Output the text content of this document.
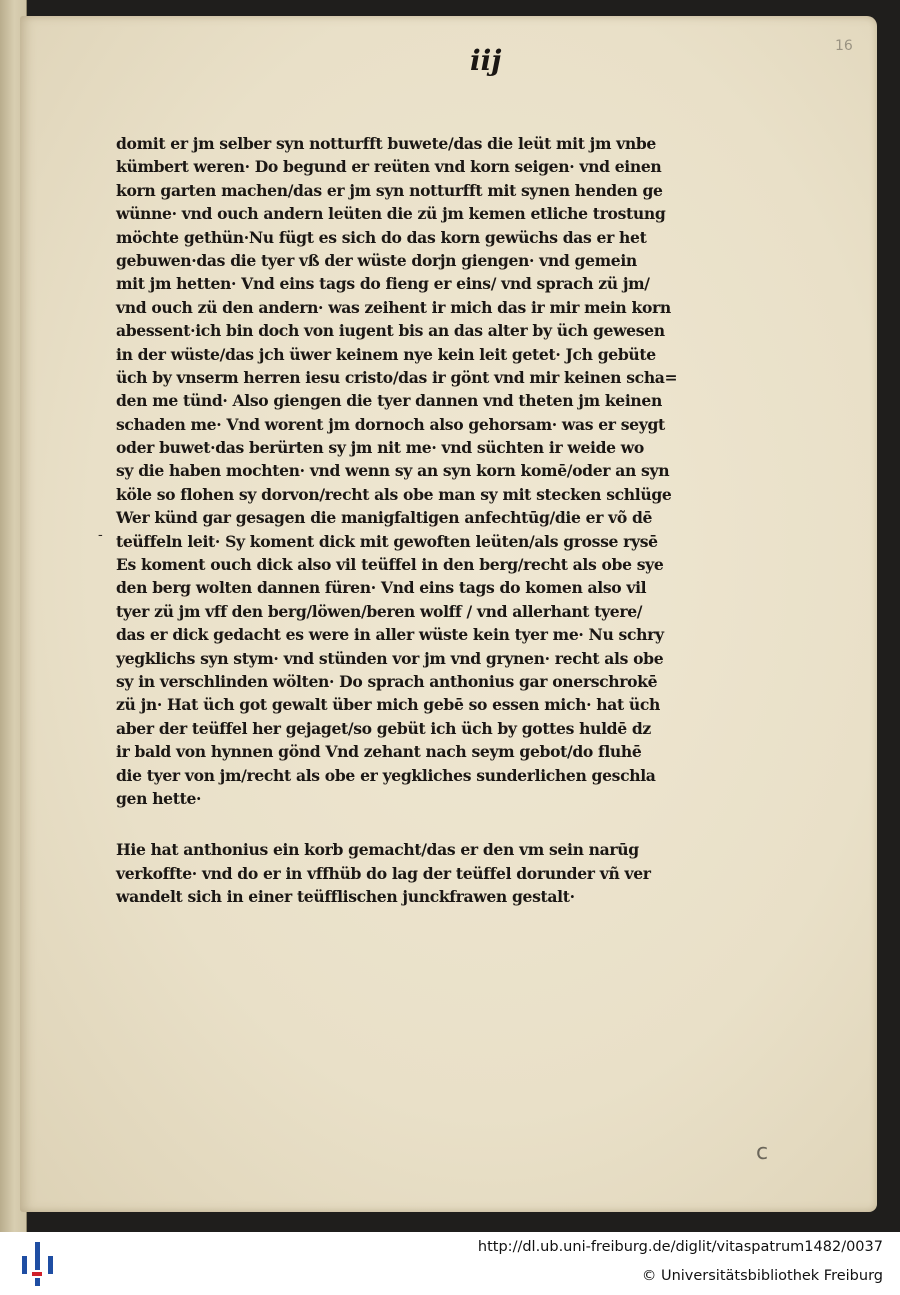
iij	16
-
domit er jm selber syn notturfft buwete/das die leüt mit jm vnbe
kümbert weren· Do begund er reüten vnd korn seigen· vnd einen
korn garten machen/das er jm syn notturfft mit synen henden ge
wünne· vnd ouch andern leüten die zü jm kemen etliche trostung
möchte gethün·Nu fügt es sich do das korn gewüchs das er het
gebuwen·das die tyer vß der wüste dorjn giengen· vnd gemein
mit jm hetten· Vnd eins tags do fieng er eins/ vnd sprach zü jm/
vnd ouch zü den andern· was zeihent ir mich das ir mir mein korn
abessent·ich bin doch von iugent bis an das alter by üch gewesen
in der wüste/das jch üwer keinem nye kein leit getet· Jch gebüte
üch by vnserm herren iesu cristo/das ir gönt vnd mir keinen scha=
den me tünd· Also giengen die tyer dannen vnd theten jm keinen
schaden me· Vnd worent jm dornoch also gehorsam· was er seygt
oder buwet·das berürten sy jm nit me· vnd süchten ir weide wo
sy die haben mochten· vnd wenn sy an syn korn komē/oder an syn
köle so flohen sy dorvon/recht als obe man sy mit stecken schlüge
Wer künd gar gesagen die manigfaltigen anfechtūg/die er võ dē
teüffeln leit· Sy koment dick mit gewoften leüten/als grosse rysē
Es koment ouch dick also vil teüffel in den berg/recht als obe sye
den berg wolten dannen füren· Vnd eins tags do komen also vil
tyer zü jm vff den berg/löwen/beren wolff / vnd allerhant tyere/
das er dick gedacht es were in aller wüste kein tyer me· Nu schry
yegklichs syn stym· vnd stünden vor jm vnd grynen· recht als obe
sy in verschlinden wölten· Do sprach anthonius gar onerschrokē
zü jn· Hat üch got gewalt über mich gebē so essen mich· hat üch
aber der teüffel her gejaget/so gebüt ich üch by gottes huldē dz
ir bald von hynnen gönd Vnd zehant nach seym gebot/do fluhē
die tyer von jm/recht als obe er yegkliches sunderlichen geschla
gen hette·
Hie hat anthonius ein korb gemacht/das er den vm sein narūg
verkoffte· vnd do er in vffhüb do lag der teüffel dorunder vñ ver
wandelt sich in einer teüfflischen junckfrawen gestalt·
c
http://dl.ub.uni-freiburg.de/diglit/vitaspatrum1482/0037
© Universitätsbibliothek Freiburg
